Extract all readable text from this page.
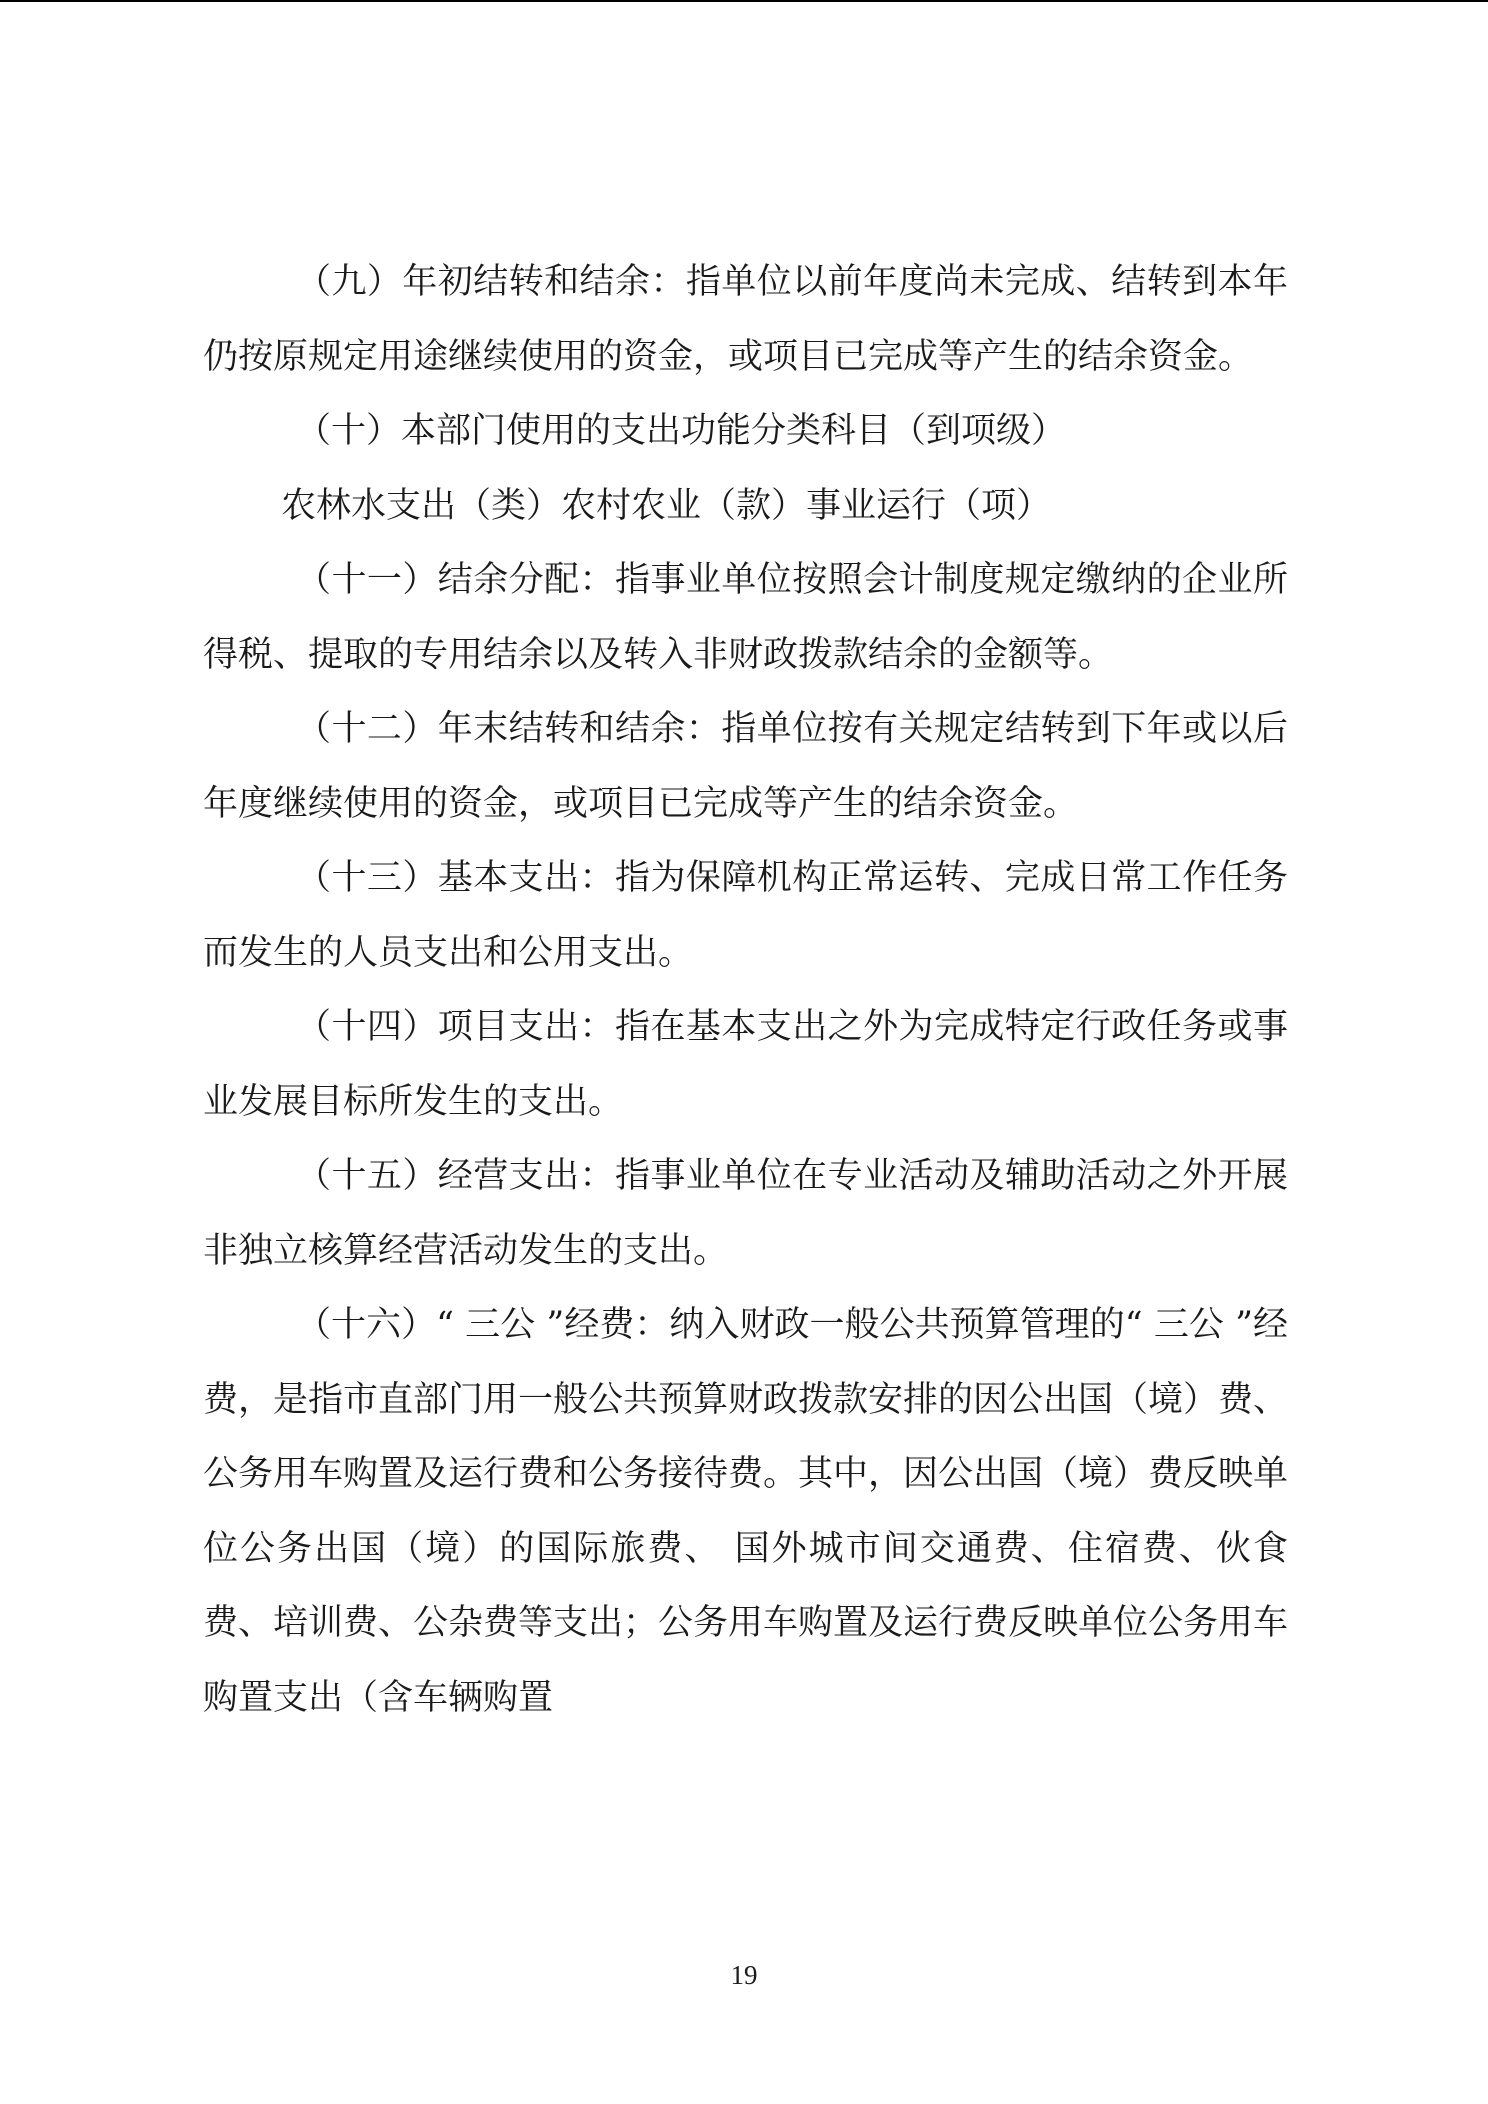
（九）年初结转和结余：指单位以前年度尚未完成、结转到本年仍按原规定用途继续使用的资金，或项目已完成等产生的结余资金。

（十）本部门使用的支出功能分类科目（到项级）

农林水支出（类）农村农业（款）事业运行（项）

（十一）结余分配：指事业单位按照会计制度规定缴纳的企业所得税、提取的专用结余以及转入非财政拨款结余的金额等。

（十二）年末结转和结余：指单位按有关规定结转到下年或以后年度继续使用的资金，或项目已完成等产生的结余资金。

（十三）基本支出：指为保障机构正常运转、完成日常工作任务而发生的人员支出和公用支出。

（十四）项目支出：指在基本支出之外为完成特定行政任务或事业发展目标所发生的支出。

（十五）经营支出：指事业单位在专业活动及辅助活动之外开展非独立核算经营活动发生的支出。

（十六）“ 三公 ”经费：纳入财政一般公共预算管理的“ 三公 ”经费，是指市直部门用一般公共预算财政拨款安排的因公出国（境）费、公务用车购置及运行费和公务接待费。其中，因公出国（境）费反映单位公务出国（境）的国际旅费、 国外城市间交通费、住宿费、伙食费、培训费、公杂费等支出；公务用车购置及运行费反映单位公务用车购置支出（含车辆购置

19
